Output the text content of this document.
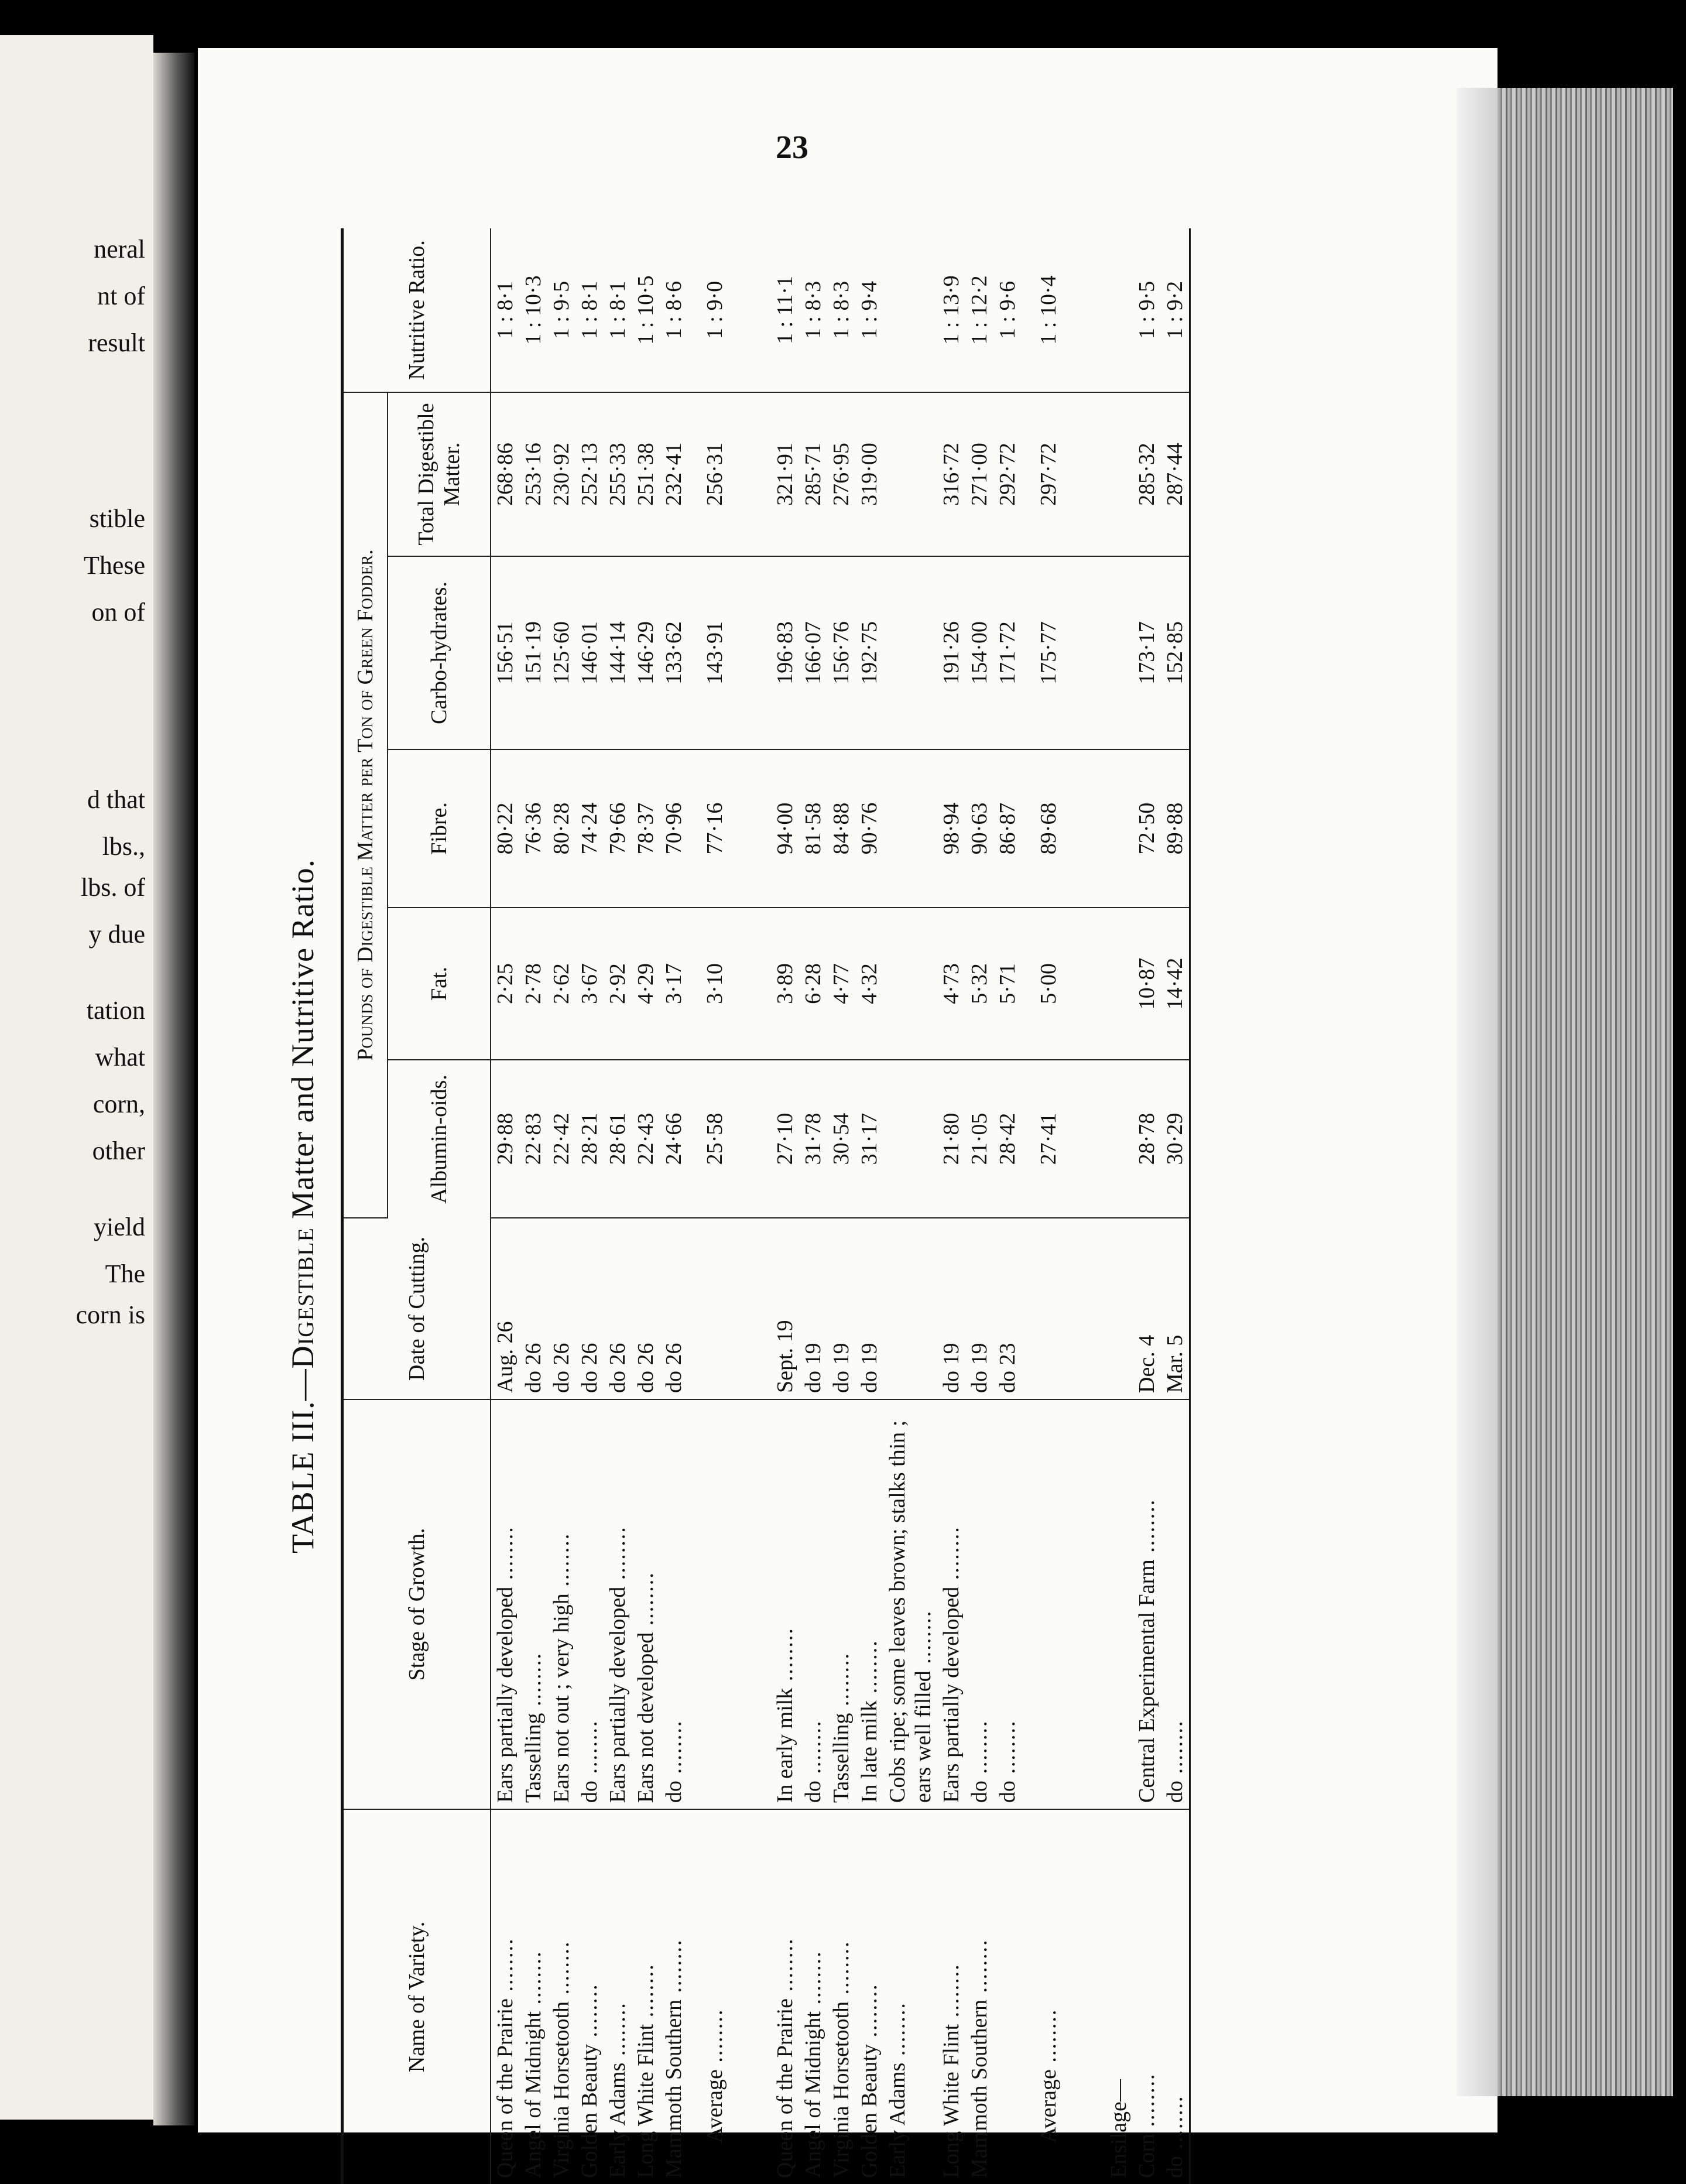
neral
nt of
result
stible
These
on of
d that
lbs.,
lbs. of
y due
tation
what
corn,
other
yield
The
corn is
23
TABLE III.—Digestible Matter and Nutritive Ratio.
Name of Variety.	Stage of Growth.	Date of Cutting.	Pounds of Digestible Matter per Ton of Green Fodder.					Nutritive Ratio.
			Albumin-oids.	Fat.	Fibre.	Carbo-hydrates.	Total Digestible Matter.	
Queen of the Prairie .....	Ears partially developed .....	Aug. 26	29·88	2·25	80·22	156·51	268·86	1 : 8·1
Angel of Midnight .....	Tasselling .....	do 26	22·83	2·78	76·36	151·19	253·16	1 : 10·3
Virginia Horsetooth .....	Ears not out ; very high .....	do 26	22·42	2·62	80·28	125·60	230·92	1 : 9·5
Golden Beauty .....	do .....	do 26	28·21	3·67	74·24	146·01	252·13	1 : 8·1
Early Adams .....	Ears partially developed .....	do 26	28·61	2·92	79·66	144·14	255·33	1 : 8·1
Long White Flint .....	Ears not developed .....	do 26	22·43	4·29	78·37	146·29	251·38	1 : 10·5
Mammoth Southern .....	do .....	do 26	24·66	3·17	70·96	133·62	232·41	1 : 8·6
Average .....			25·58	3·10	77·16	143·91	256·31	1 : 9·0

Queen of the Prairie .....	In early milk .....	Sept. 19	27·10	3·89	94·00	196·83	321·91	1 : 11·1
Angel of Midnight .....	do .....	do 19	31·78	6·28	81·58	166·07	285·71	1 : 8·3
Virginia Horsetooth .....	Tasselling .....	do 19	30·54	4·77	84·88	156·76	276·95	1 : 8·3
Golden Beauty .....	In late milk .....	do 19	31·17	4·32	90·76	192·75	319·00	1 : 9·4
Early Adams .....	Cobs ripe; some leaves brown; stalks thin ; ears well filled .....							
Long White Flint .....	Ears partially developed .....	do 19	21·80	4·73	98·94	191·26	316·72	1 : 13·9
Mammoth Southern .....	do .....	do 19	21·05	5·32	90·63	154·00	271·00	1 : 12·2
	do .....	do 23	28·42	5·71	86·87	171·72	292·72	1 : 9·6
Average .....			27·41	5·00	89·68	175·77	297·72	1 : 10·4

Ensilage—								
Corn .....	Central Experimental Farm .....	Dec. 4	28·78	10·87	72·50	173·17	285·32	1 : 9·5
do .....	do .....	Mar. 5	30·29	14·42	89·88	152·85	287·44	1 : 9·2
